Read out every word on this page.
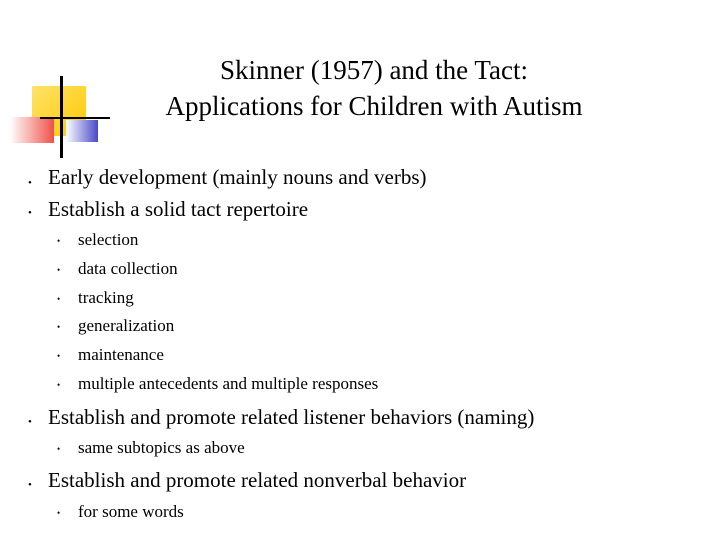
Skinner (1957) and the Tact:
Applications for Children with Autism
• Early development (mainly nouns and verbs)
• Establish a solid tact repertoire
• selection
• data collection
• tracking
• generalization
• maintenance
• multiple antecedents and multiple responses
• Establish and promote related listener behaviors (naming)
• same subtopics as above
• Establish and promote related nonverbal behavior
• for some words
